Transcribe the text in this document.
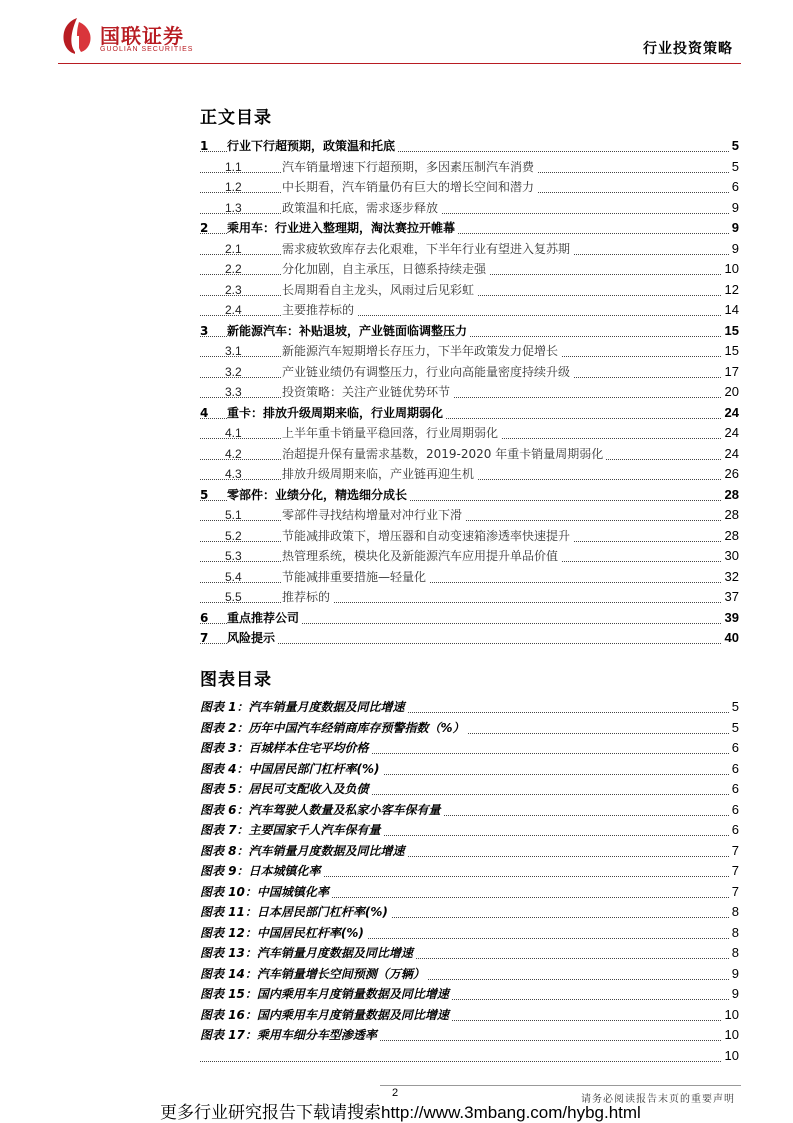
国联证券
GUOLIAN SECURITIES	行业投资策略
正文目录
1 行业下行超预期，政策温和托底	5
1.1	汽车销量增速下行超预期，多因素压制汽车消费	5
1.2	中长期看，汽车销量仍有巨大的增长空间和潜力	6
1.3	政策温和托底，需求逐步释放	9
2 乘用车：行业进入整理期，淘汰赛拉开帷幕	9
2.1	需求疲软致库存去化艰难，下半年行业有望进入复苏期	9
2.2	分化加剧，自主承压，日德系持续走强	10
2.3	长周期看自主龙头，风雨过后见彩虹	12
2.4	主要推荐标的	14
3 新能源汽车：补贴退坡，产业链面临调整压力	15
3.1	新能源汽车短期增长存压力，下半年政策发力促增长	15
3.2	产业链业绩仍有调整压力，行业向高能量密度持续升级	17
3.3	投资策略：关注产业链优势环节	20
4 重卡：排放升级周期来临，行业周期弱化	24
4.1	上半年重卡销量平稳回落，行业周期弱化	24
4.2	治超提升保有量需求基数，2019-2020 年重卡销量周期弱化	24
4.3	排放升级周期来临，产业链再迎生机	26
5 零部件：业绩分化，精选细分成长	28
5.1	零部件寻找结构增量对冲行业下滑	28
5.2	节能减排政策下，增压器和自动变速箱渗透率快速提升	28
5.3	热管理系统，模块化及新能源汽车应用提升单品价值	30
5.4	节能减排重要措施—轻量化	32
5.5	推荐标的	37
6 重点推荐公司	39
7 风险提示	40
图表目录
图表 1：汽车销量月度数据及同比增速	5
图表 2：历年中国汽车经销商库存预警指数（%）	5
图表 3：百城样本住宅平均价格	6
图表 4：中国居民部门杠杆率(%)	6
图表 5：居民可支配收入及负债	6
图表 6：汽车驾驶人数量及私家小客车保有量	6
图表 7：主要国家千人汽车保有量	6
图表 8：汽车销量月度数据及同比增速	7
图表 9：日本城镇化率	7
图表 10：中国城镇化率	7
图表 11：日本居民部门杠杆率(%)	8
图表 12：中国居民杠杆率(%)	8
图表 13：汽车销量月度数据及同比增速	8
图表 14：汽车销量增长空间预测（万辆）	9
图表 15：国内乘用车月度销量数据及同比增速	9
图表 16：国内乘用车月度销量数据及同比增速	10
图表 17：乘用车细分车型渗透率	10
10
2
请务必阅读报告末页的重要声明
更多行业研究报告下载请搜索http://www.3mbang.com/hybg.html
